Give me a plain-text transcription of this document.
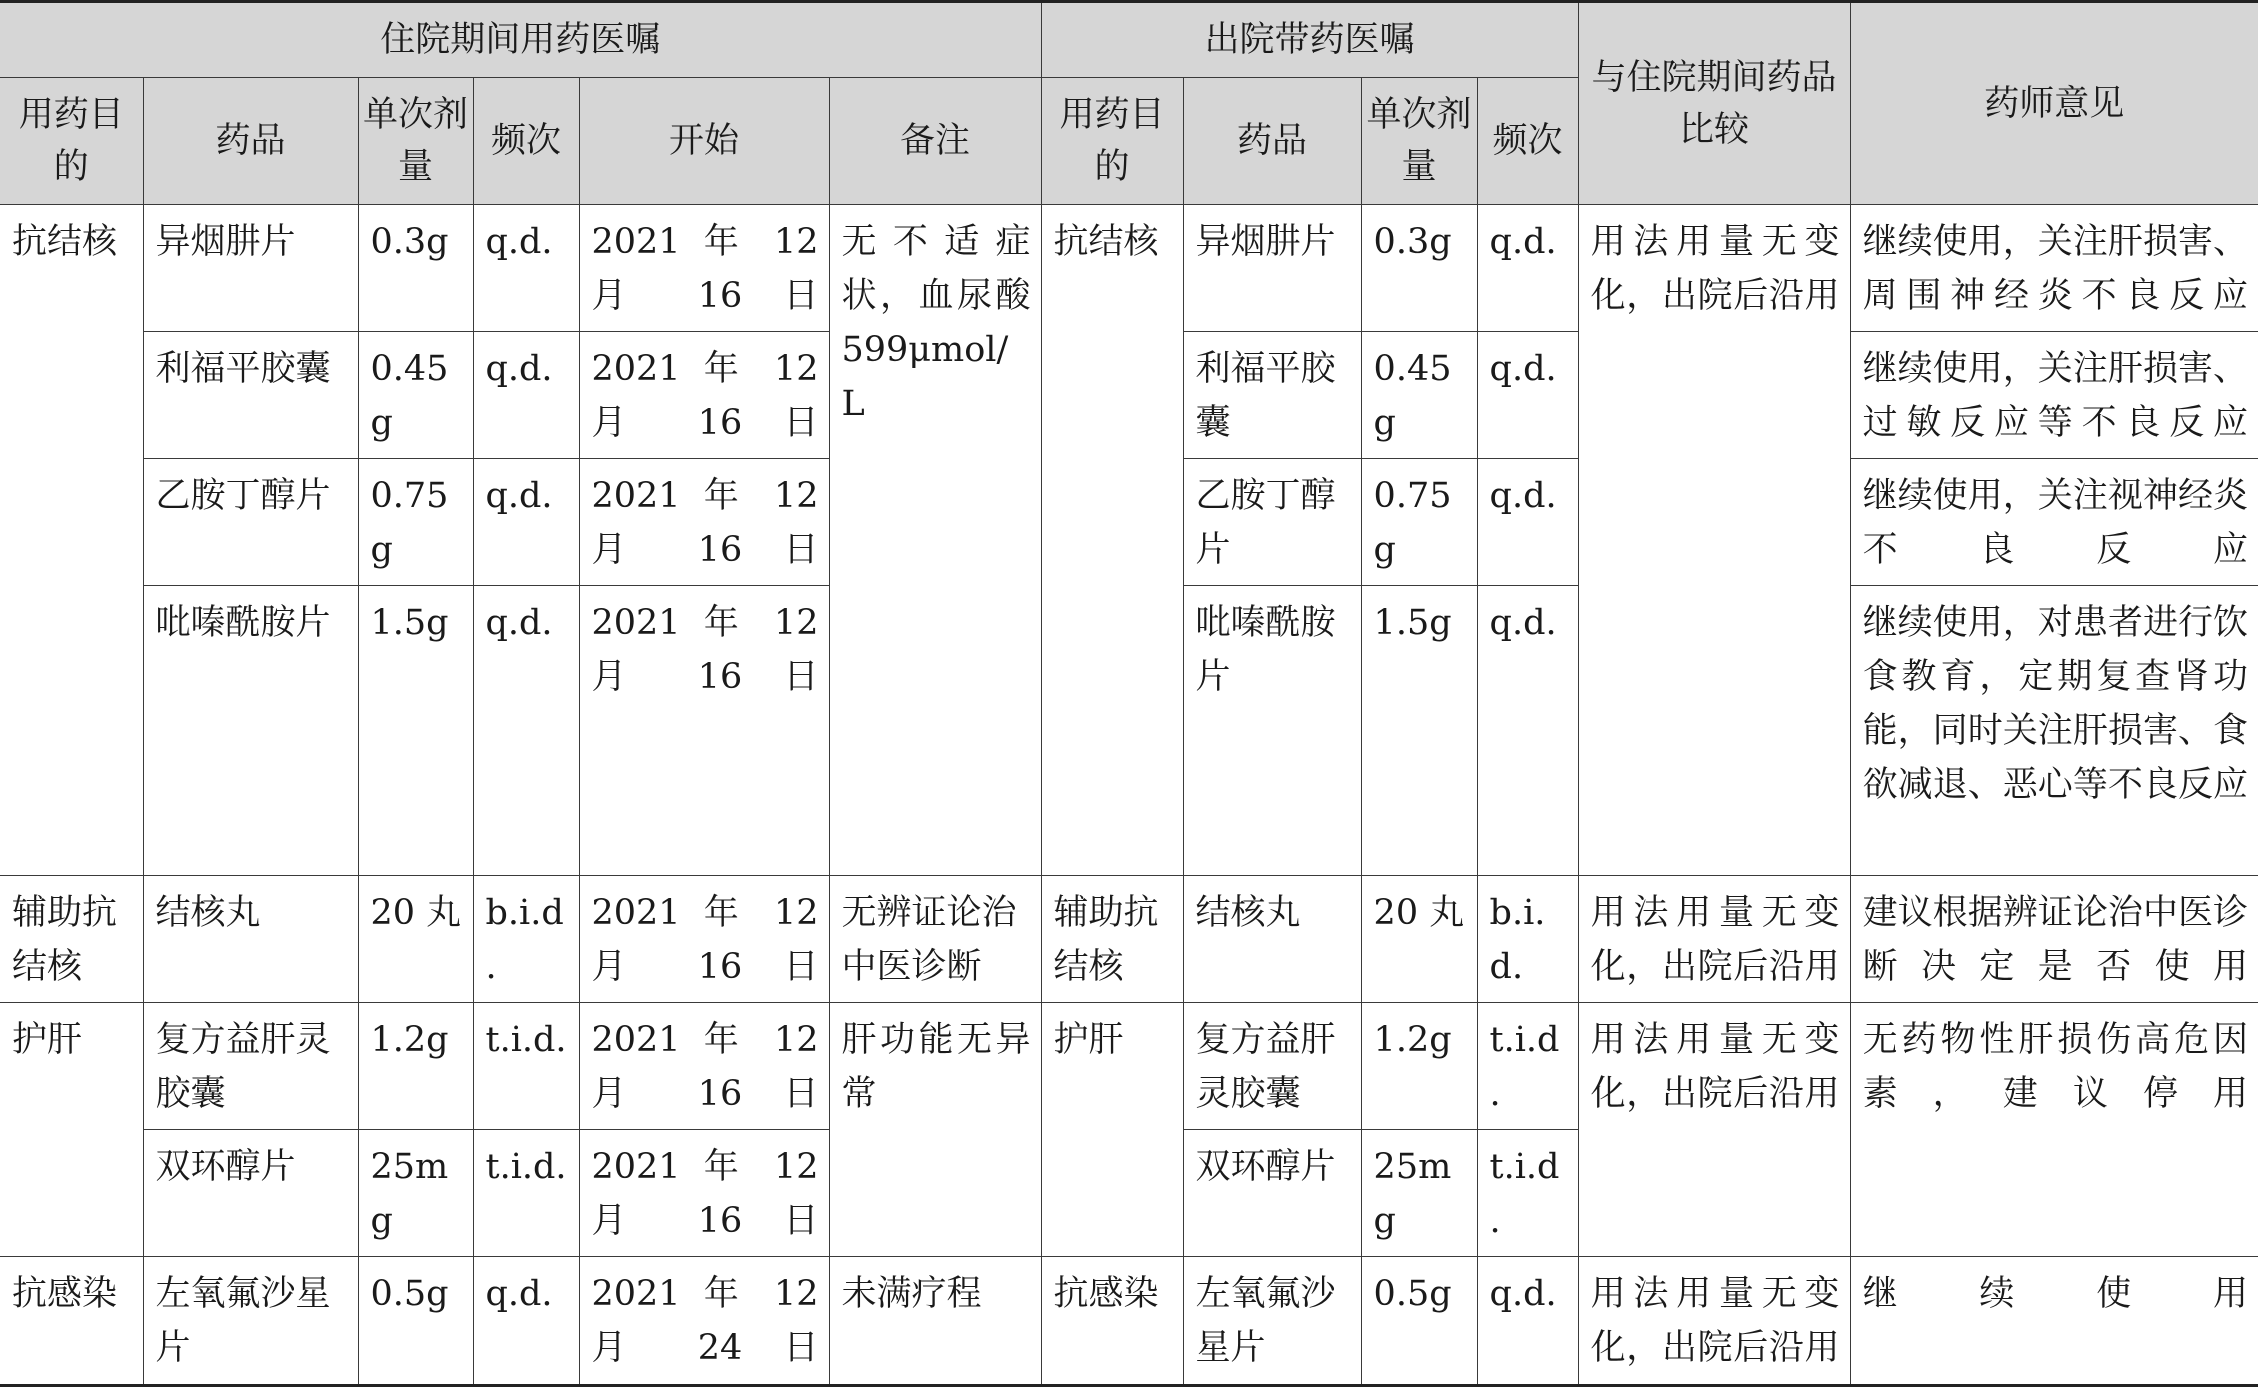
住院期间用药医嘱						出院带药医嘱				与住院期间药品比较	药师意见
用药目的	药品	单次剂量	频次	开始	备注	用药目的	药品	单次剂量	频次		
抗结核	异烟肼片	0.3g	q.d.	2021 年 12 月 16 日	无不适症状，血尿酸 599μmol/L	抗结核	异烟肼片	0.3g	q.d.	用法用量无变化，出院后沿用	继续使用，关注肝损害、周围神经炎不良反应
	利福平胶囊	0.45g	q.d.	2021 年 12 月 16 日			利福平胶囊	0.45g	q.d.		继续使用，关注肝损害、过敏反应等不良反应
	乙胺丁醇片	0.75g	q.d.	2021 年 12 月 16 日			乙胺丁醇片	0.75g	q.d.		继续使用，关注视神经炎不良反应
	吡嗪酰胺片	1.5g	q.d.	2021 年 12 月 16 日			吡嗪酰胺片	1.5g	q.d.		继续使用，对患者进行饮食教育，定期复查肾功能，同时关注肝损害、食欲减退、恶心等不良反应
辅助抗结核	结核丸	20 丸	b.i.d.	2021 年 12 月 16 日	无辨证论治中医诊断	辅助抗结核	结核丸	20 丸	b.i.d.	用法用量无变化，出院后沿用	建议根据辨证论治中医诊断决定是否使用
护肝	复方益肝灵胶囊	1.2g	t.i.d.	2021 年 12 月 16 日	肝功能无异常	护肝	复方益肝灵胶囊	1.2g	t.i.d.	用法用量无变化，出院后沿用	无药物性肝损伤高危因素，建议停用
	双环醇片	25mg	t.i.d.	2021 年 12 月 16 日			双环醇片	25mg	t.i.d.		
抗感染	左氧氟沙星片	0.5g	q.d.	2021 年 12 月 24 日	未满疗程	抗感染	左氧氟沙星片	0.5g	q.d.	用法用量无变化，出院后沿用	继续使用
